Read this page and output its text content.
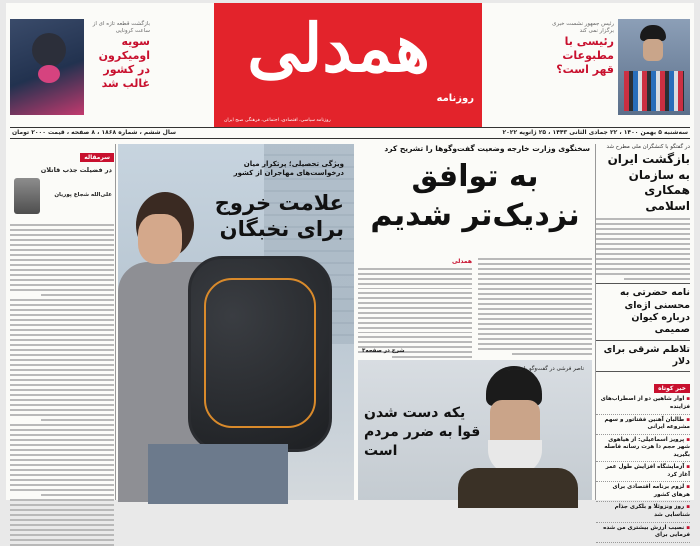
بازگشت قطعه تازه ای از ساعت کرونایی
سویه اومیکرون در کشور غالب شد همدلی
روزنامه
روزنامه سیاسی، اقتصادی، اجتماعی، فرهنگی صبح ایران
رئیس جمهور نشست خبری برگزار نمی کند
رئیسی با مطبوعات قهر است؟
سه‌شنبه ۵ بهمن ۱۴۰۰ ، ۲۲ جمادی الثانی ۱۴۴۳ ، ۲۵ ژانویه ۲۰۲۲
سال ششم ، شماره ۱۸۶۸ ، ۸ صفحه ، قیمت ۲۰۰۰ تومان
سرمقاله
در فضیلت جذب قاتلان
علی‌الله شجاع پوریان
ویژگی تحصیلی؛ پرتکرار میان درخواست‌های مهاجران از کشور
علامت خروج برای نخبگان
سخنگوی وزارت خارجه وضعیت گفت‌وگوها را تشریح کرد
به توافق نزدیک‌تر شدیم
همدلی
شرح در صفحه۳
ناصر فرشی در گفت‌وگو با همدلی:
یکه دست شدن قوا به ضرر مردم است
در گفتگو با کنشگران ملی مطرح شد
بازگشت ایران به سازمان همکاری اسلامی
نامه حضرتی به محسنی اژه‌ای درباره کیوان صمیمی
تلاطم شرقی برای دلار
خبر کوتاه
▪ اوار شاهین دو از اصطراب‌های فزاینده
▪ طالبان آهنین ففتاتور و سهم مشروعه ایرانی
▪ پرویز اسماعیلی: از هیاهوی شهر حجم دا هرت رسانه فاصله بگیرید
▪ آزمایشگاه افزایش طول عمر آغاز کرد
▪ لزوم برنامه اقتصادی برای هرهای کشور
▪ روز ونزوئلا و بلکری جذام شناسایی شد
▪ نصیب ارزش بیشتری من شده فرمایی برای
